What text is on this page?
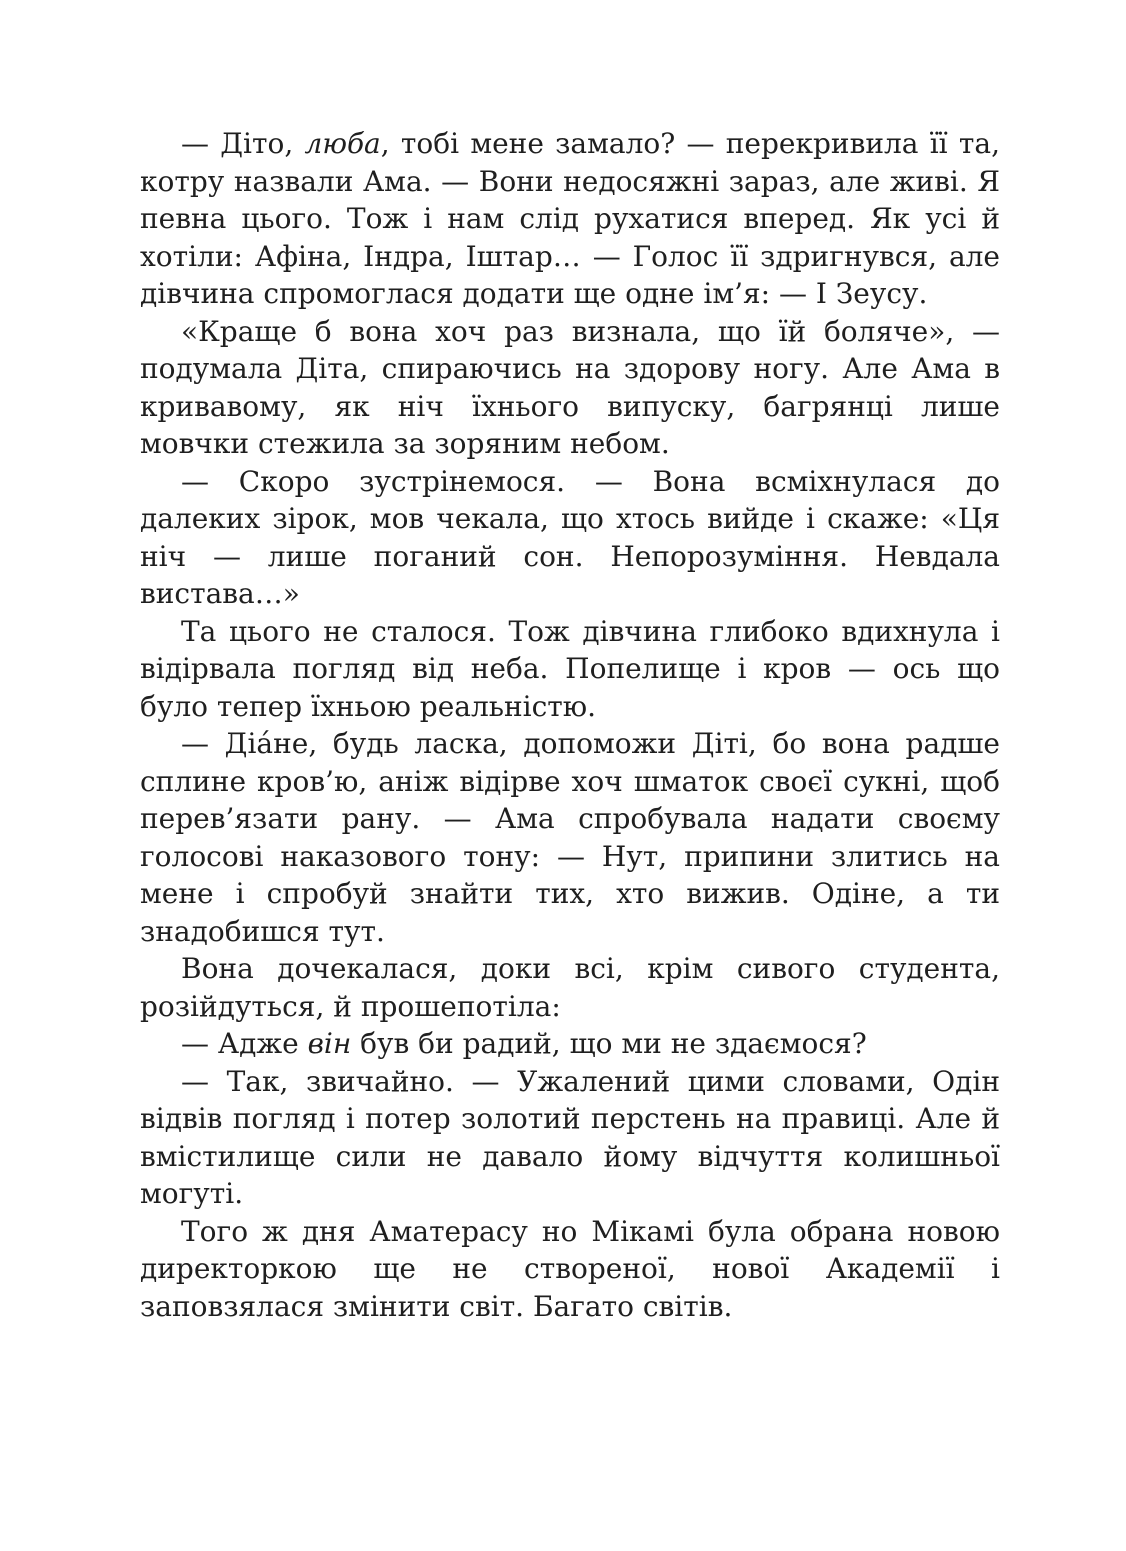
— Діто, люба, тобі мене замало? — перекривила її та, котру назвали Ама. — Вони недосяжні зараз, але живі. Я певна цього. Тож і нам слід рухатися вперед. Як усі й хотіли: Афіна, Індра, Іштар… — Голос її здригнувся, але дівчина спромоглася додати ще одне ім’я: — І Зеусу.

«Краще б вона хоч раз визнала, що їй боляче», — подумала Діта, спираючись на здорову ногу. Але Ама в кривавому, як ніч їхнього випуску, багрянці лише мовчки стежила за зоряним небом.

— Скоро зустрінемося. — Вона всміхнулася до далеких зірок, мов чекала, що хтось вийде і скаже: «Ця ніч — лише поганий сон. Непорозуміння. Невдала вистава…»

Та цього не сталося. Тож дівчина глибоко вдихнула і відірвала погляд від неба. Попелище і кров — ось що було тепер їхньою реальністю.

— Діа́не, будь ласка, допоможи Діті, бо вона радше сплине кров’ю, аніж відірве хоч шматок своєї сукні, щоб перев’язати рану. — Ама спробувала надати своєму голосові наказового тону: — Нут, припини злитись на мене і спробуй знайти тих, хто вижив. Одіне, а ти знадобишся тут.

Вона дочекалася, доки всі, крім сивого студента, розійдуться, й прошепотіла:

— Адже він був би радий, що ми не здаємося?

— Так, звичайно. — Ужалений цими словами, Одін відвів погляд і потер золотий перстень на правиці. Але й вмістилище сили не давало йому відчуття колишньої могуті.

Того ж дня Аматерасу но Мікамі була обрана новою директоркою ще не створеної, нової Академії і заповзялася змінити світ. Багато світів.
